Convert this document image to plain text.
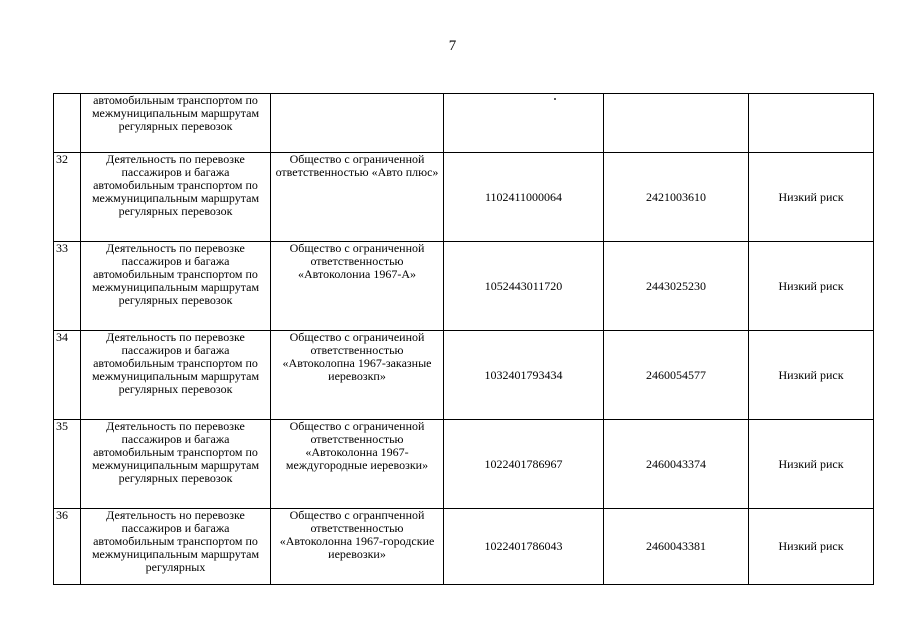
7
	автомобильным транспортом по межмуниципальным маршрутам регулярных перевозок				
32	Деятельность по перевозке пассажиров и багажа автомобильным транспортом по межмуниципальным маршрутам регулярных перевозок	Общество с ограниченной ответственностью «Авто плюс»	1102411000064	2421003610	Низкий риск
33	Деятельность по перевозке пассажиров и багажа автомобильным транспортом по межмуниципальным маршрутам регулярных перевозок	Общество с ограниченной ответственностью «Автоколониа 1967-А»	1052443011720	2443025230	Низкий риск
34	Деятельность по перевозке пассажиров и багажа автомобильным транспортом по межмуниципальным маршрутам регулярных перевозок	Общество с ограничеиной ответственностью «Автоколопна 1967-заказные иеревозкп»	1032401793434	2460054577	Низкий риск
35	Деятельность по перевозке пассажиров и багажа автомобильным транспортом по межмуниципальным маршрутам регулярных перевозок	Общество с ограниченной ответственностью «Автоколонна 1967-междугородные иеревозки»	1022401786967	2460043374	Низкий риск
36	Деятельность но перевозке пассажиров и багажа автомобильным транспортом по межмуниципальным маршрутам регулярных	Общество с огранпченной ответственностью «Автоколонна 1967-городские иеревозки»	1022401786043	2460043381	Низкий риск
